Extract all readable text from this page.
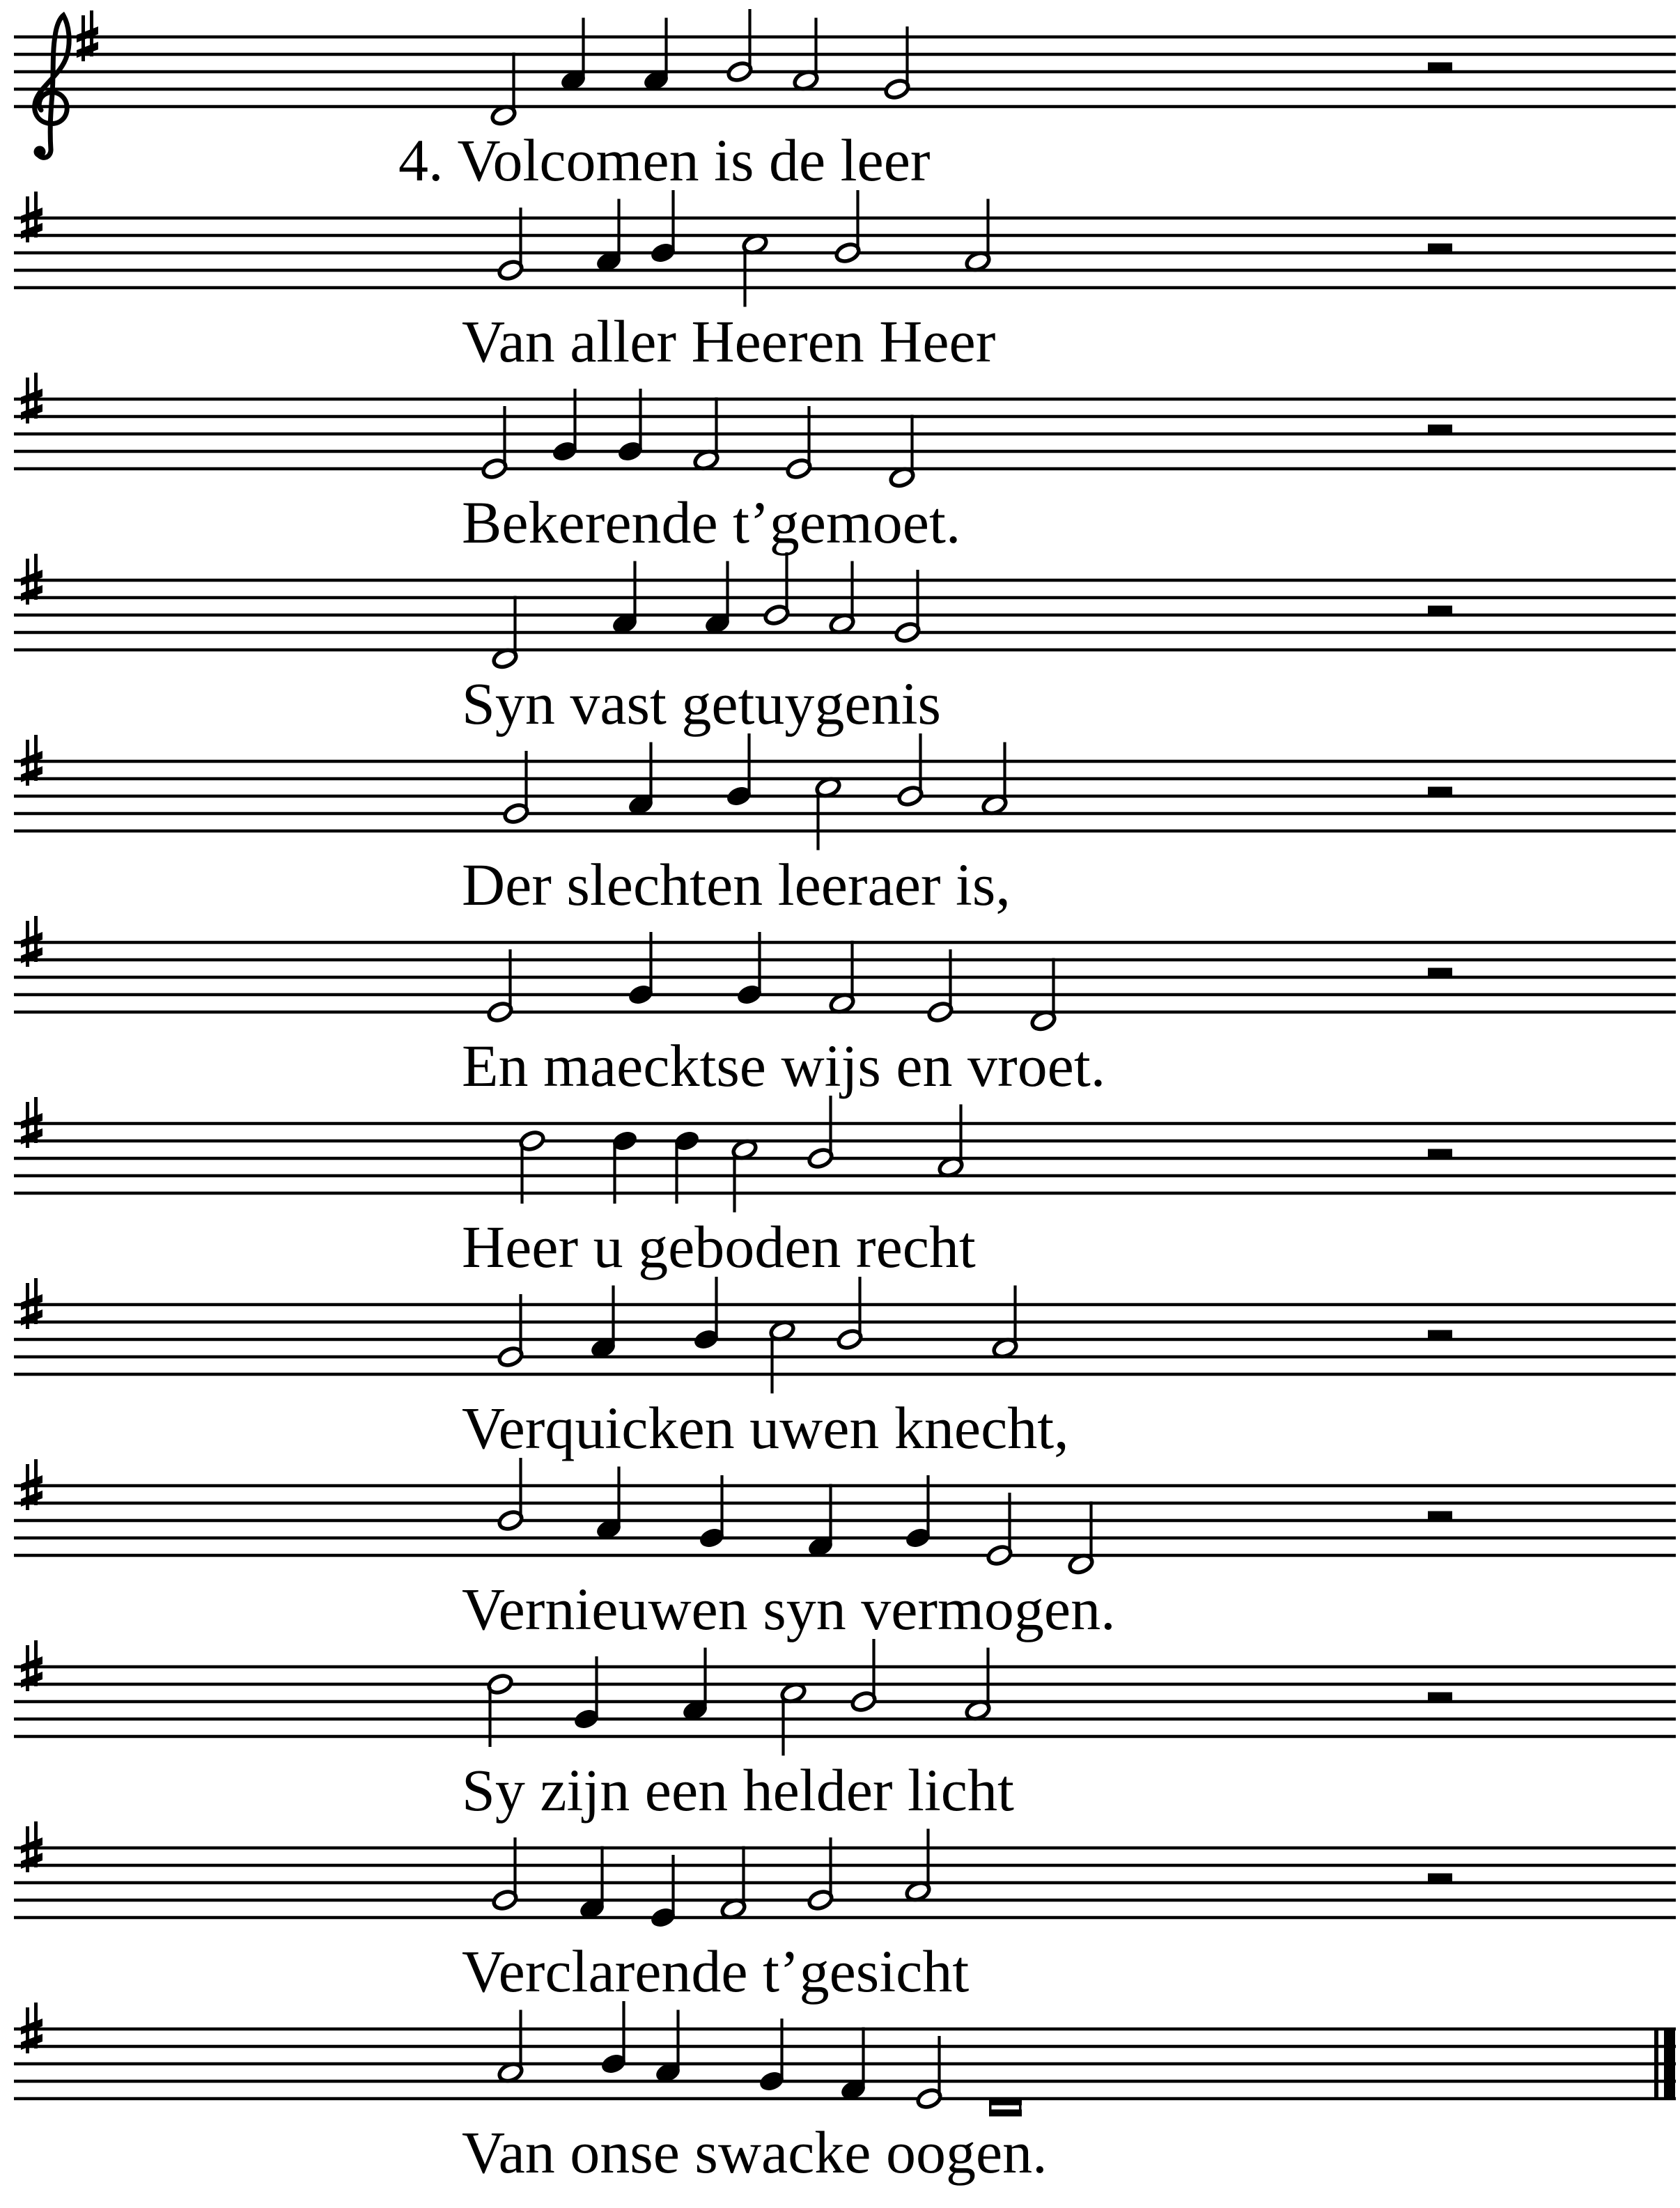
4. Volcomen is de leer
Van aller Heeren Heer
Bekerende t’gemoet.
Syn vast getuygenis
Der slechten leeraer is,
En maecktse wijs en vroet.
Heer u geboden recht
Verquicken uwen knecht,
Vernieuwen syn vermogen.
Sy zijn een helder licht
Verclarende t’gesicht
Van onse swacke oogen.
